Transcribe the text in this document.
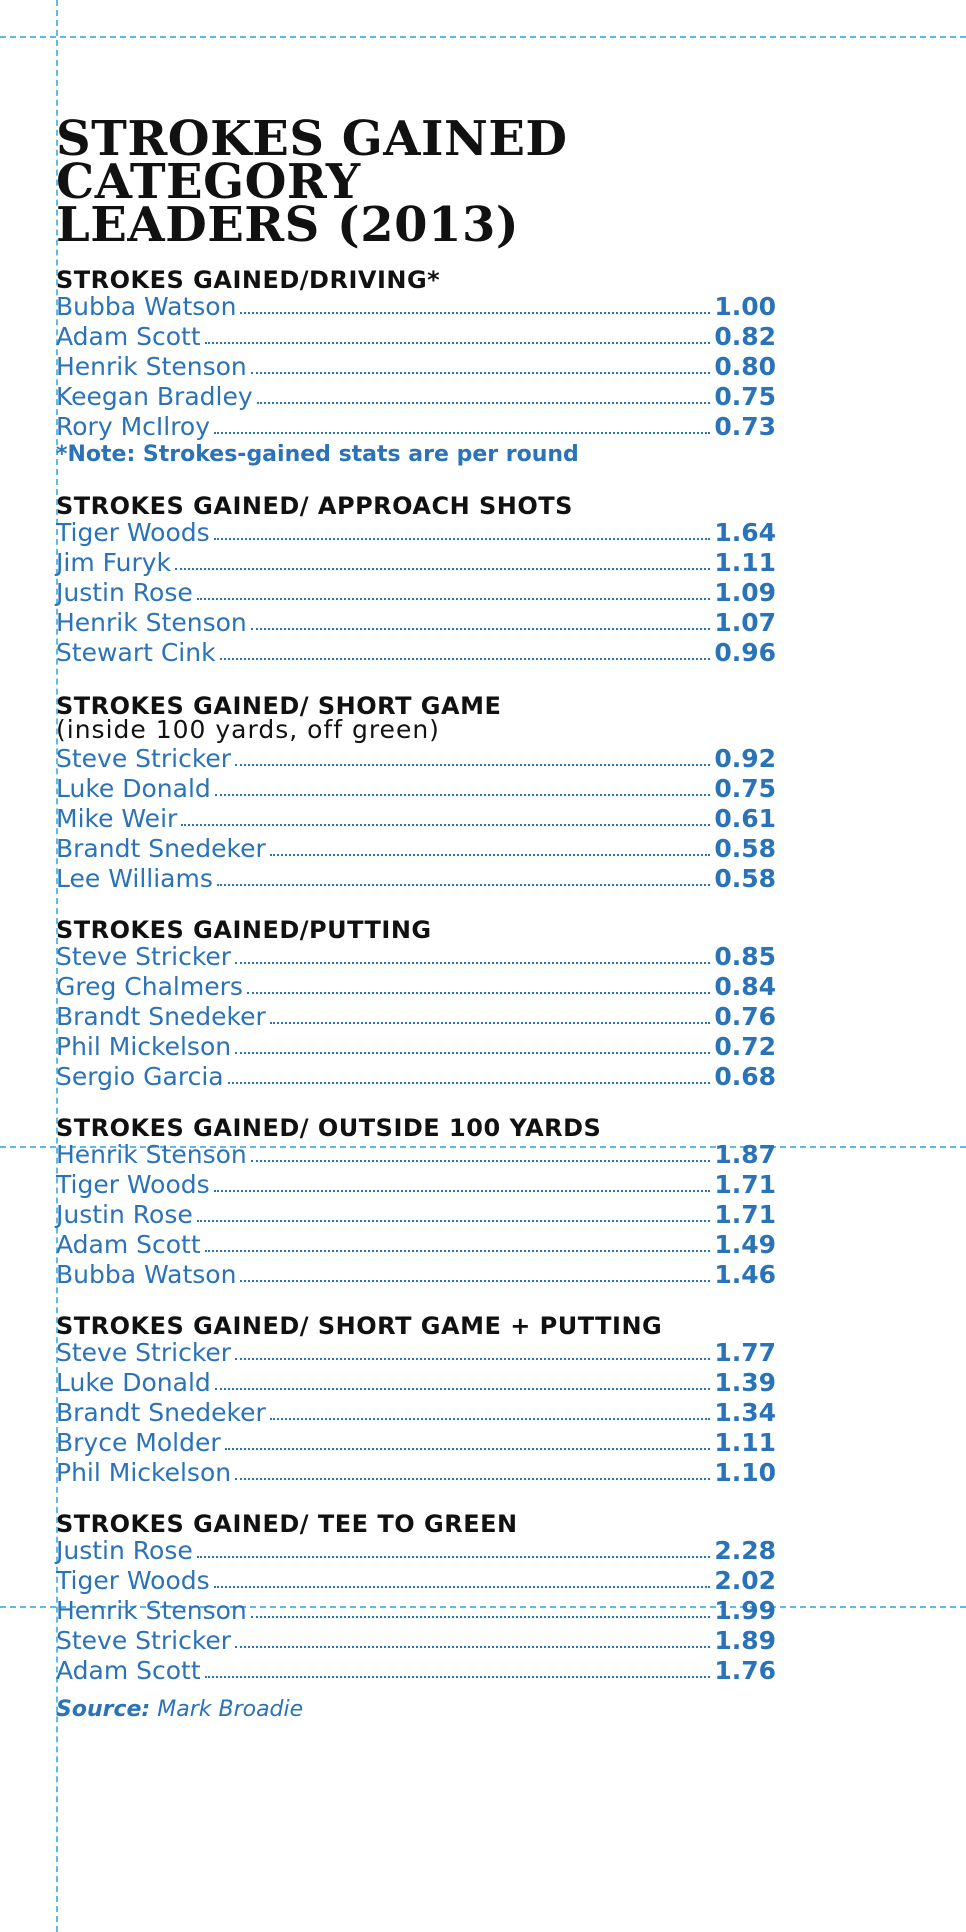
STROKES GAINED CATEGORY LEADERS (2013)
STROKES GAINED/DRIVING*
Bubba Watson	1.00
Adam Scott	0.82
Henrik Stenson	0.80
Keegan Bradley	0.75
Rory McIlroy	0.73
*Note: Strokes-gained stats are per round
STROKES GAINED/ APPROACH SHOTS
Tiger Woods	1.64
Jim Furyk	1.11
Justin Rose	1.09
Henrik Stenson	1.07
Stewart Cink	0.96
STROKES GAINED/ SHORT GAME
(inside 100 yards, off green)
Steve Stricker	0.92
Luke Donald	0.75
Mike Weir	0.61
Brandt Snedeker	0.58
Lee Williams	0.58
STROKES GAINED/PUTTING
Steve Stricker	0.85
Greg Chalmers	0.84
Brandt Snedeker	0.76
Phil Mickelson	0.72
Sergio Garcia	0.68
STROKES GAINED/ OUTSIDE 100 YARDS
Henrik Stenson	1.87
Tiger Woods	1.71
Justin Rose	1.71
Adam Scott	1.49
Bubba Watson	1.46
STROKES GAINED/ SHORT GAME + PUTTING
Steve Stricker	1.77
Luke Donald	1.39
Brandt Snedeker	1.34
Bryce Molder	1.11
Phil Mickelson	1.10
STROKES GAINED/ TEE TO GREEN
Justin Rose	2.28
Tiger Woods	2.02
Henrik Stenson	1.99
Steve Stricker	1.89
Adam Scott	1.76
Source: Mark Broadie
